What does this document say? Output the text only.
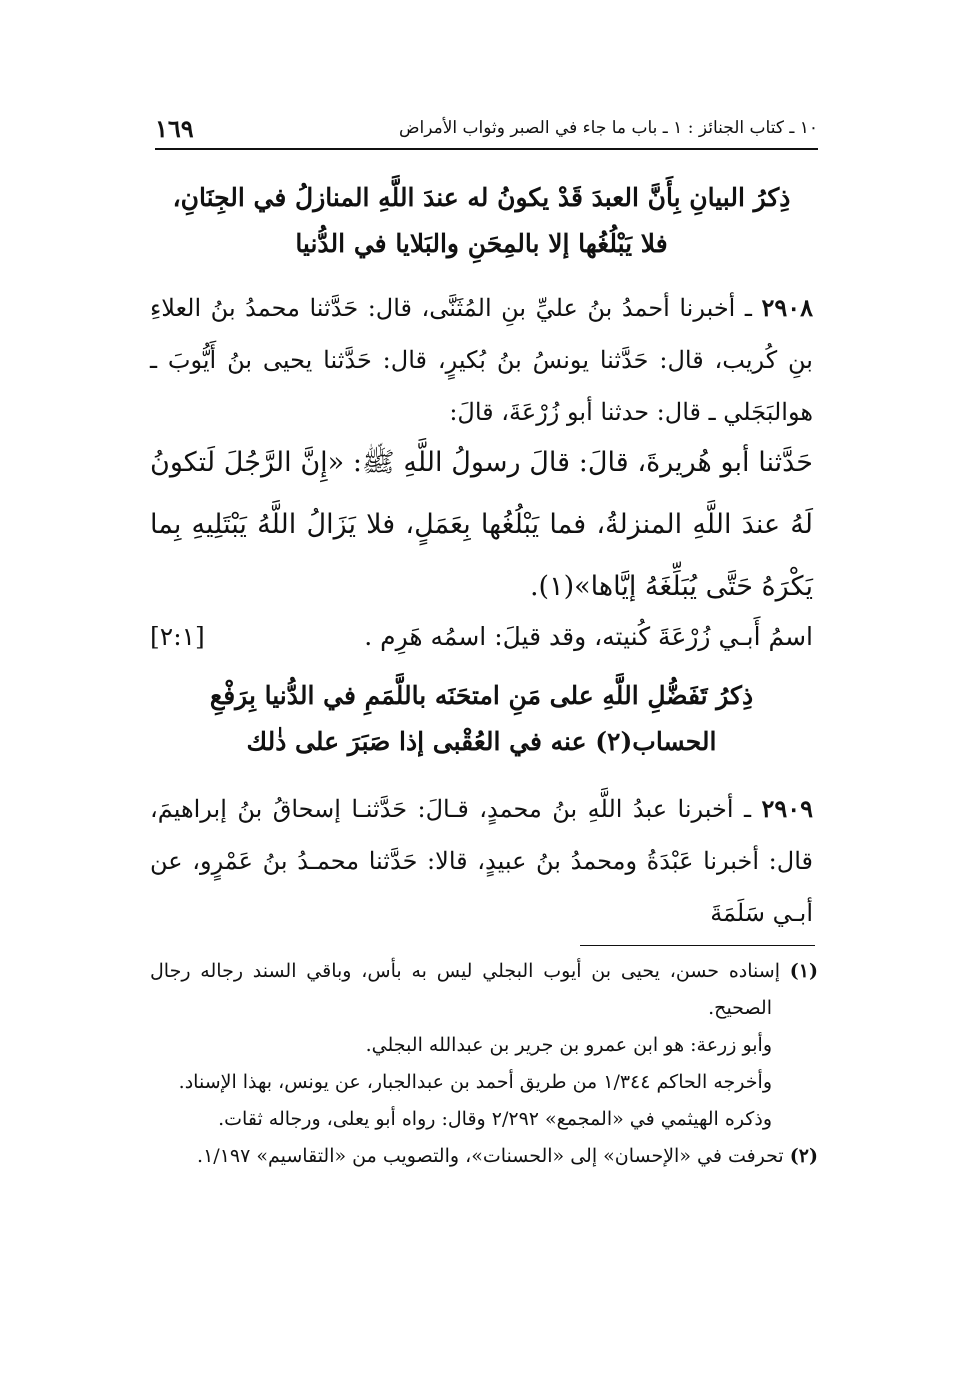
١٠ ـ كتاب الجنائز : ١ ـ باب ما جاء في الصبر وثواب الأمراض
١٦٩
ذِكرُ البيانِ بِأَنَّ العبدَ قَدْ يكونُ له عندَ اللَّهِ المنازلُ في الجِنَانِ،
فلا يَبْلُغُها إلا بالمِحَنِ والبَلايا في الدُّنيا
٢٩٠٨ ـ أخبرنا أحمدُ بنُ عليِّ بنِ المُثَنَّى، قال: حَدَّثنا محمدُ بنُ العلاءِ بنِ كُريب، قال: حَدَّثنا يونسُ بنُ بُكيرٍ، قال: حَدَّثنا يحيى بنُ أَيُّوبَ ـ هوالبَجَلي ـ قال: حدثنا أبو زُرْعَةَ، قالَ:
حَدَّثنا أبو هُريرةَ، قالَ: قالَ رسولُ اللَّهِ ﷺ: «إِنَّ الرَّجُلَ لَتكونُ لَهُ عندَ اللَّهِ المنزلةُ، فما يَبْلُغُها بِعَمَلٍ، فلا يَزَالُ اللَّهُ يَبْتَلِيهِ بِما يَكْرَهُ حَتَّى يُبَلِّغَهُ إيَّاها»(١).
اسمُ أَبـي زُرْعَةَ كُنيته، وقد قيلَ: اسمُه هَرِم .
[٢:١]
ذِكرُ تَفَضُّلِ اللَّهِ على مَنِ امتحَنَه باللَّمَمِ في الدُّنيا بِرَفْعِ
الحساب(٢) عنه في العُقْبى إذا صَبَرَ على ذٰلك
٢٩٠٩ ـ أخبرنا عبدُ اللَّهِ بنُ محمدٍ، قـالَ: حَدَّثنـا إسحاقُ بنُ إبراهيمَ، قال: أخبرنا عَبْدَةُ ومحمدُ بنُ عبيدٍ، قالا: حَدَّثنا محمـدُ بنُ عَمْرٍو، عن أبـي سَلَمَةَ

(١) إسناده حسن، يحيى بن أيوب البجلي ليس به بأس، وباقي السند رجاله رجال الصحيح.

وأبو زرعة: هو ابن عمرو بن جرير بن عبدالله البجلي.

وأخرجه الحاكم ١/٣٤٤ من طريق أحمد بن عبدالجبار، عن يونس، بهذا الإسناد.

وذكره الهيثمي في «المجمع» ٢/٢٩٢ وقال: رواه أبو يعلى، ورجاله ثقات.

(٢) تحرفت في «الإحسان» إلى «الحسنات»، والتصويب من «التقاسيم» ١/١٩٧.
